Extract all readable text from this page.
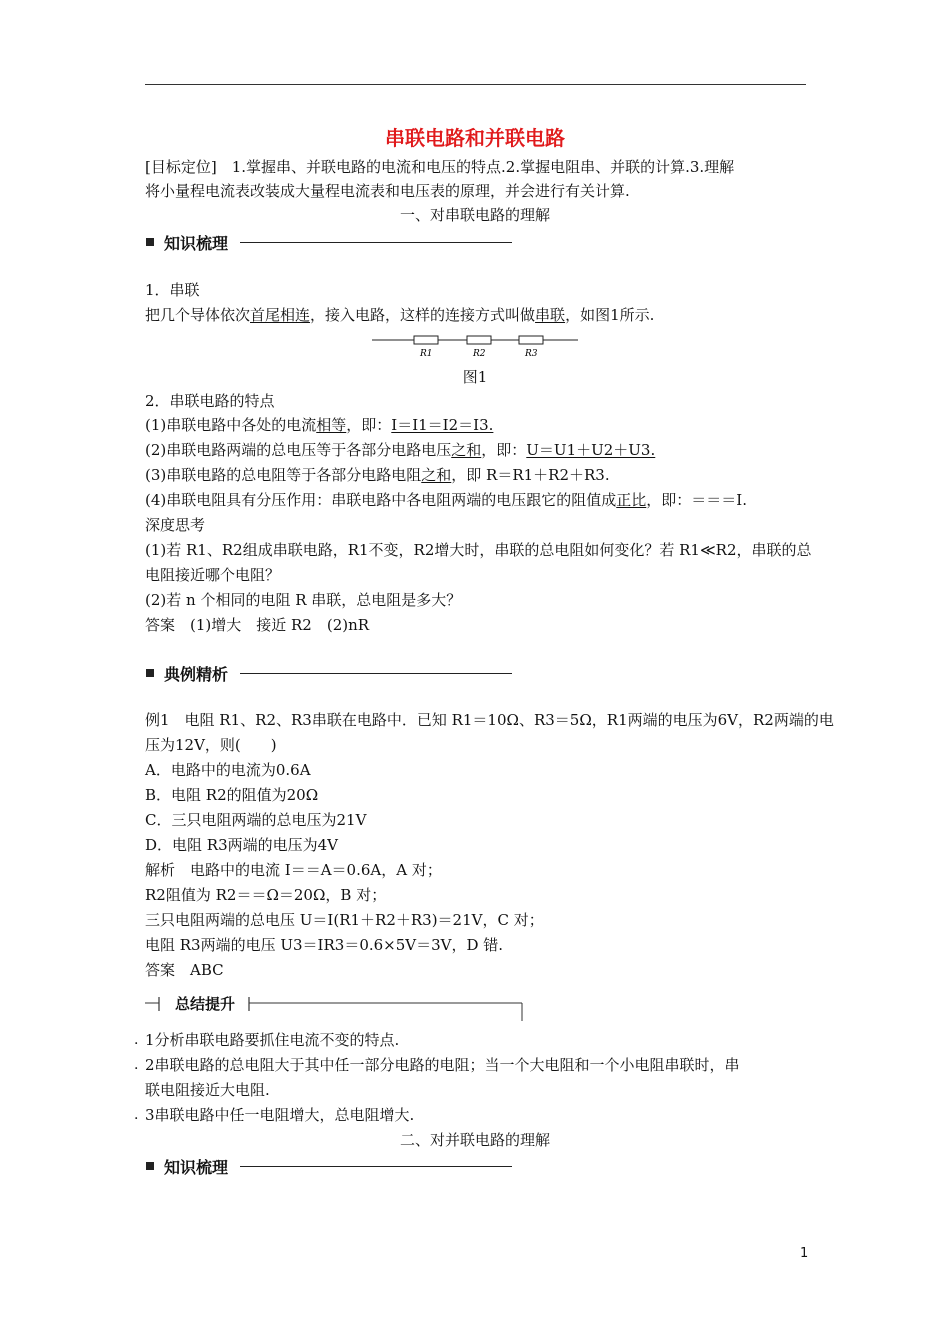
串联电路和并联电路
[目标定位]　1.掌握串、并联电路的电流和电压的特点.2.掌握电阻串、并联的计算.3.理解
将小量程电流表改装成大量程电流表和电压表的原理，并会进行有关计算.
一、对串联电路的理解
知识梳理
1．串联
把几个导体依次首尾相连，接入电路，这样的连接方式叫做串联，如图1所示.
R1	R2	R3
图1
2．串联电路的特点
(1)串联电路中各处的电流相等，即：I＝I1＝I2＝I3.
(2)串联电路两端的总电压等于各部分电路电压之和，即：U＝U1＋U2＋U3.
(3)串联电路的总电阻等于各部分电路电阻之和，即 R＝R1＋R2＋R3.
(4)串联电阻具有分压作用：串联电路中各电阻两端的电压跟它的阻值成正比，即：＝＝＝I.
深度思考
(1)若 R1、R2组成串联电路，R1不变，R2增大时，串联的总电阻如何变化？若 R1≪R2，串联的总
电阻接近哪个电阻？
(2)若 n 个相同的电阻 R 串联，总电阻是多大？
答案　(1)增大　接近 R2　(2)nR
典例精析
例1　电阻 R1、R2、R3串联在电路中．已知 R1＝10Ω、R3＝5Ω，R1两端的电压为6V，R2两端的电
压为12V，则(　　)
A．电路中的电流为0.6A
B．电阻 R2的阻值为20Ω
C．三只电阻两端的总电压为21V
D．电阻 R3两端的电压为4V
解析　电路中的电流 I＝＝A＝0.6A，A 对；
R2阻值为 R2＝＝Ω＝20Ω，B 对；
三只电阻两端的总电压 U＝I(R1＋R2＋R3)＝21V，C 对；
电阻 R3两端的电压 U3＝IR3＝0.6×5V＝3V，D 错.
答案　ABC
总结提升
1分析串联电路要抓住电流不变的特点.
·
2串联电路的总电阻大于其中任一部分电路的电阻；当一个大电阻和一个小电阻串联时，串
·
联电阻接近大电阻.
3串联电路中任一电阻增大，总电阻增大.
·
二、对并联电路的理解
知识梳理
1
